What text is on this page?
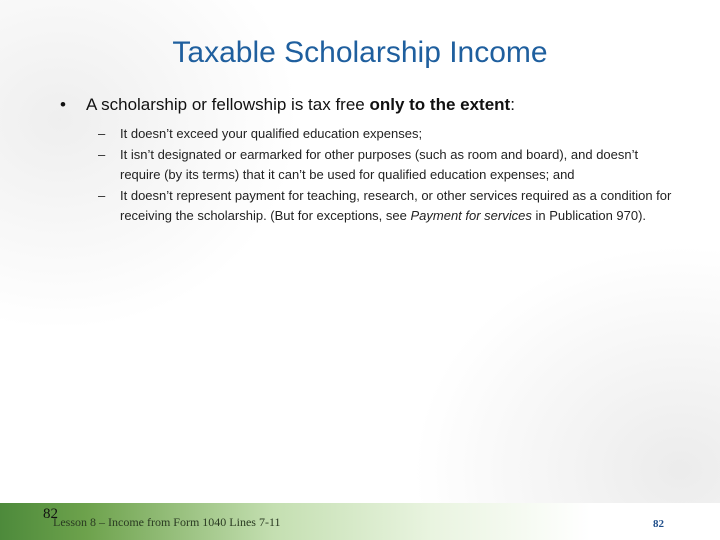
Taxable Scholarship Income
•	A scholarship or fellowship is tax free only to the extent:
–	It doesn’t exceed your qualified education expenses;
–	It isn’t designated or earmarked for other purposes (such as room and board), and doesn’t require (by its terms) that it can’t be used for qualified education expenses; and
–	It doesn’t represent payment for teaching, research, or other services required as a condition for receiving the scholarship. (But for exceptions, see Payment for services in Publication 970).
Lesson 8 – Income from Form 1040 Lines 7-11
82
82
